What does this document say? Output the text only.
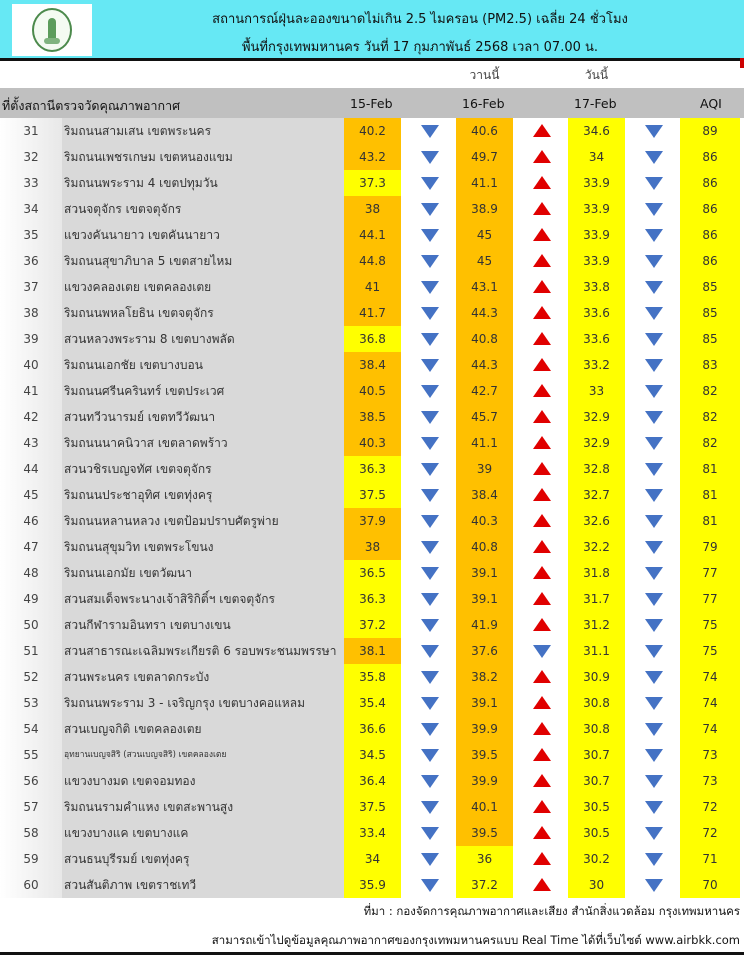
สถานการณ์ฝุ่นละอองขนาดไม่เกิน 2.5 ไมครอน (PM2.5) เฉลี่ย 24 ชั่วโมง
พื้นที่กรุงเทพมหานคร วันที่ 17 กุมภาพันธ์ 2568 เวลา 07.00 น.
วานนี้	วันนี้
ที่ตั้งสถานีตรวจวัดคุณภาพอากาศ	15-Feb	16-Feb	17-Feb	AQI
31	ริมถนนสามเสน เขตพระนคร	40.2	40.6	34.6	89
32	ริมถนนเพชรเกษม เขตหนองแขม	43.2	49.7	34	86
33	ริมถนนพระราม 4 เขตปทุมวัน	37.3	41.1	33.9	86
34	สวนจตุจักร เขตจตุจักร	38	38.9	33.9	86
35	แขวงคันนายาว เขตคันนายาว	44.1	45	33.9	86
36	ริมถนนสุขาภิบาล 5 เขตสายไหม	44.8	45	33.9	86
37	แขวงคลองเตย เขตคลองเตย	41	43.1	33.8	85
38	ริมถนนพหลโยธิน เขตจตุจักร	41.7	44.3	33.6	85
39	สวนหลวงพระราม 8 เขตบางพลัด	36.8	40.8	33.6	85
40	ริมถนนเอกชัย เขตบางบอน	38.4	44.3	33.2	83
41	ริมถนนศรีนครินทร์ เขตประเวศ	40.5	42.7	33	82
42	สวนทวีวนารมย์ เขตทวีวัฒนา	38.5	45.7	32.9	82
43	ริมถนนนาคนิวาส เขตลาดพร้าว	40.3	41.1	32.9	82
44	สวนวชิรเบญจทัศ เขตจตุจักร	36.3	39	32.8	81
45	ริมถนนประชาอุทิศ เขตทุ่งครุ	37.5	38.4	32.7	81
46	ริมถนนหลานหลวง เขตป้อมปราบศัตรูพ่าย	37.9	40.3	32.6	81
47	ริมถนนสุขุมวิท เขตพระโขนง	38	40.8	32.2	79
48	ริมถนนเอกมัย เขตวัฒนา	36.5	39.1	31.8	77
49	สวนสมเด็จพระนางเจ้าสิริกิติ์ฯ เขตจตุจักร	36.3	39.1	31.7	77
50	สวนกีฬารามอินทรา เขตบางเขน	37.2	41.9	31.2	75
51	สวนสาธารณะเฉลิมพระเกียรติ 6 รอบพระชนมพรรษา	38.1	37.6	31.1	75
52	สวนพระนคร เขตลาดกระบัง	35.8	38.2	30.9	74
53	ริมถนนพระราม 3 - เจริญกรุง เขตบางคอแหลม	35.4	39.1	30.8	74
54	สวนเบญจกิติ เขตคลองเตย	36.6	39.9	30.8	74
55	อุทยานเบญจสิริ (สวนเบญจสิริ) เขตคลองเตย	34.5	39.5	30.7	73
56	แขวงบางมด เขตจอมทอง	36.4	39.9	30.7	73
57	ริมถนนรามคำแหง เขตสะพานสูง	37.5	40.1	30.5	72
58	แขวงบางแค เขตบางแค	33.4	39.5	30.5	72
59	สวนธนบุรีรมย์ เขตทุ่งครุ	34	36	30.2	71
60	สวนสันติภาพ เขตราชเทวี	35.9	37.2	30	70
ที่มา : กองจัดการคุณภาพอากาศและเสียง สำนักสิ่งแวดล้อม กรุงเทพมหานคร
สามารถเข้าไปดูข้อมูลคุณภาพอากาศของกรุงเทพมหานครแบบ Real Time ได้ที่เว็บไซต์ www.airbkk.com
